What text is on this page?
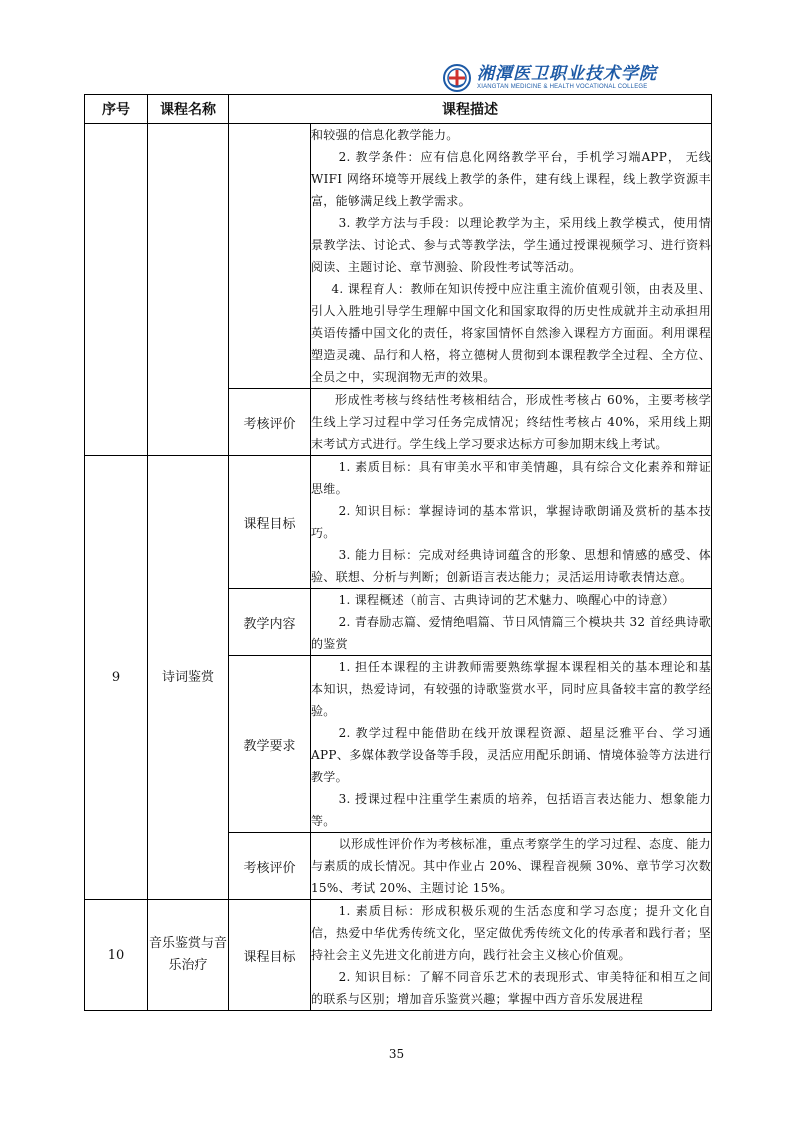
湘潭医卫职业技术学院
XIANGTAN MEDICINE & HEALTH VOCATIONAL COLLEGE
序号	课程名称	课程描述	

			和较强的信息化教学能力。

2. 教学条件：应有信息化网络教学平台，手机学习端APP， 无线 WIFI 网络环境等开展线上教学的条件，建有线上课程，线上教学资源丰富，能够满足线上教学需求。

3. 教学方法与手段：以理论教学为主，采用线上教学模式，使用情景教学法、讨论式、参与式等教学法，学生通过授课视频学习、进行资料阅读、主题讨论、章节测验、阶段性考试等活动。

4. 课程育人：教师在知识传授中应注重主流价值观引领，由表及里、引人入胜地引导学生理解中国文化和国家取得的历史性成就并主动承担用英语传播中国文化的责任，将家国情怀自然渗入课程方方面面。利用课程塑造灵魂、品行和人格，将立德树人贯彻到本课程教学全过程、全方位、全员之中，实现润物无声的效果。

		考核评价	形成性考核与终结性考核相结合，形成性考核占 60%，主要考核学生线上学习过程中学习任务完成情况；终结性考核占 40%，采用线上期末考试方式进行。学生线上学习要求达标方可参加期末线上考试。

9	诗词鉴赏	课程目标	1. 素质目标：具有审美水平和审美情趣，具有综合文化素养和辩证思维。

2. 知识目标：掌握诗词的基本常识，掌握诗歌朗诵及赏析的基本技巧。

3. 能力目标：完成对经典诗词蕴含的形象、思想和情感的感受、体验、联想、分析与判断；创新语言表达能力；灵活运用诗歌表情达意。

		教学内容	1. 课程概述（前言、古典诗词的艺术魅力、唤醒心中的诗意）

2. 青春励志篇、爱情绝唱篇、节日风情篇三个模块共 32 首经典诗歌的鉴赏

		教学要求	1. 担任本课程的主讲教师需要熟练掌握本课程相关的基本理论和基本知识，热爱诗词，有较强的诗歌鉴赏水平，同时应具备较丰富的教学经验。

2. 教学过程中能借助在线开放课程资源、超星泛雅平台、学习通 APP、多媒体教学设备等手段，灵活应用配乐朗诵、情境体验等方法进行教学。

3. 授课过程中注重学生素质的培养，包括语言表达能力、想象能力等。

		考核评价	以形成性评价作为考核标准，重点考察学生的学习过程、态度、能力与素质的成长情况。其中作业占 20%、课程音视频 30%、章节学习次数 15%、考试 20%、主题讨论 15%。

10	音乐鉴赏与音乐治疗	课程目标	1. 素质目标：形成积极乐观的生活态度和学习态度；提升文化自信，热爱中华优秀传统文化，坚定做优秀传统文化的传承者和践行者；坚持社会主义先进文化前进方向，践行社会主义核心价值观。

2. 知识目标：了解不同音乐艺术的表现形式、审美特征和相互之间的联系与区别；增加音乐鉴赏兴趣；掌握中西方音乐发展进程

35
